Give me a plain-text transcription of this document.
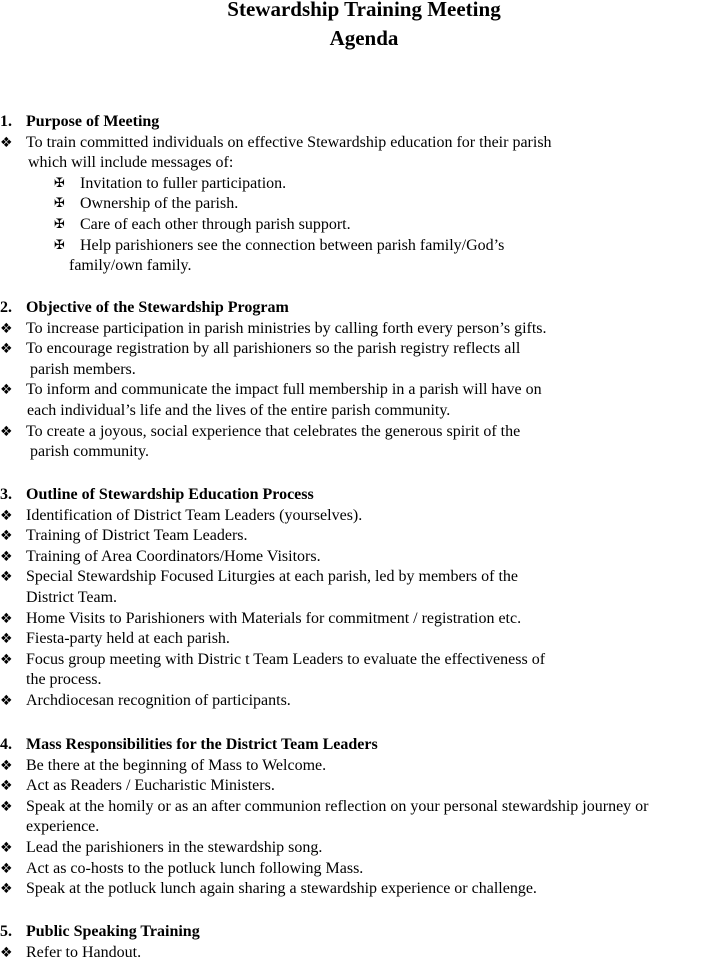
Stewardship Training Meeting
Agenda
1. Purpose of Meeting
❖ To train committed individuals on effective Stewardship education for their parish
which will include messages of:
✠ Invitation to fuller participation.
✠ Ownership of the parish.
✠ Care of each other through parish support.
✠ Help parishioners see the connection between parish family/God’s
family/own family.
2. Objective of the Stewardship Program
❖ To increase participation in parish ministries by calling forth every person’s gifts.
❖ To encourage registration by all parishioners so the parish registry reflects all
parish members.
❖ To inform and communicate the impact full membership in a parish will have on
each individual’s life and the lives of the entire parish community.
❖ To create a joyous, social experience that celebrates the generous spirit of the
parish community.
3. Outline of Stewardship Education Process
❖ Identification of District Team Leaders (yourselves).
❖ Training of District Team Leaders.
❖ Training of Area Coordinators/Home Visitors.
❖ Special Stewardship Focused Liturgies at each parish, led by members of the
District Team.
❖ Home Visits to Parishioners with Materials for commitment / registration etc.
❖ Fiesta-party held at each parish.
❖ Focus group meeting with Distric t Team Leaders to evaluate the effectiveness of
the process.
❖ Archdiocesan recognition of participants.
4. Mass Responsibilities for the District Team Leaders
❖ Be there at the beginning of Mass to Welcome.
❖ Act as Readers / Eucharistic Ministers.
❖ Speak at the homily or as an after communion reflection on your personal stewardship journey or
experience.
❖ Lead the parishioners in the stewardship song.
❖ Act as co-hosts to the potluck lunch following Mass.
❖ Speak at the potluck lunch again sharing a stewardship experience or challenge.
5. Public Speaking Training
❖ Refer to Handout.
